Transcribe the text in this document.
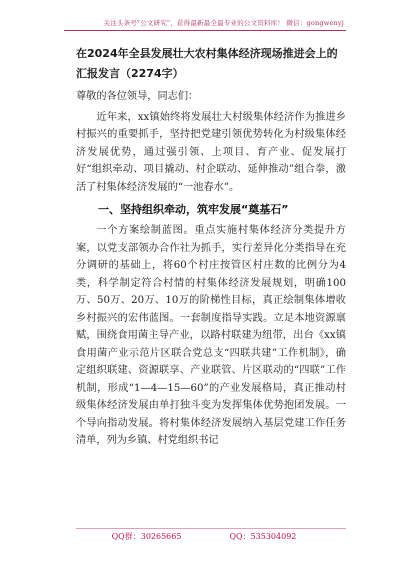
关注头条号"公文研究"，获得最新最全最专业的公文资料库！ 微信：gongwenyj
在2024年全县发展壮大农村集体经济现场推进会上的汇报发言（2274字）
尊敬的各位领导，同志们：
近年来，xx镇始终将发展壮大村级集体经济作为推进乡村振兴的重要抓手，坚持把党建引领优势转化为村级集体经济发展优势，通过强引领、上项目、育产业、促发展打好“组织牵动、项目撬动、村企联动、延伸推动”组合拳，激活了村集体经济发展的“一池春水”。
一、坚持组织牵动，筑牢发展“奠基石”
一个方案绘制蓝图。重点实施村集体经济分类提升方案，以党支部领办合作社为抓手，实行差异化分类指导在充分调研的基础上，将60个村庄按管区村庄数的比例分为4类，科学制定符合村情的村集体经济发展规划，明确100万、50万、20万、10万的阶梯性目标，真正绘制集体增收乡村振兴的宏伟蓝图。一套制度指导实践。立足本地资源禀赋，围绕食用菌主导产业，以路村联建为纽带，出台《xx镇食用菌产业示范片区联合党总支“四联共建”工作机制》，确定组织联建、资源联享、产业联管、片区联动的“四联”工作机制，形成“1—4—15—60”的产业发展格局，真正推动村级集体经济发展由单打独斗变为发挥集体优势抱团发展。一个导向指动发展。将村集体经济发展纳入基层党建工作任务清单，列为乡镇、村党组织书记
QQ群：30265665	QQ：535304092
